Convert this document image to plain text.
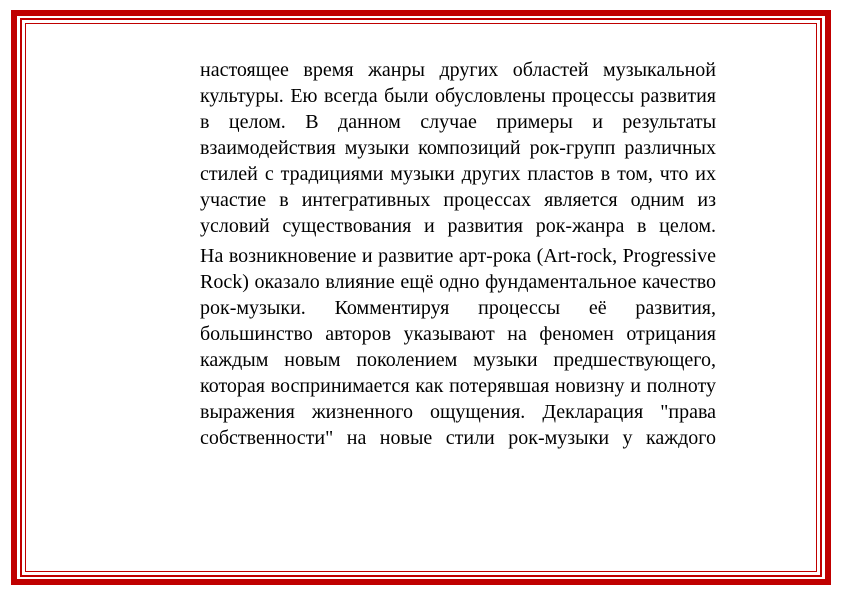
настоящее время жанры других областей музыкальной культуры. Ею всегда были обусловлены процессы развития в целом. В данном случае примеры и результаты взаимодействия музыки композиций рок-групп различных стилей с традициями музыки других пластов в том, что их участие в интегративных процессах является одним из условий существования и развития рок-жанра в целом.

На возникновение и развитие арт-рока (Art-rock, Progressive Rock) оказало влияние ещё одно фундаментальное качество рок-музыки. Комментируя процессы её развития, большинство авторов указывают на феномен отрицания каждым новым поколением музыки предшествующего, которая воспринимается как потерявшая новизну и полноту выражения жизненного ощущения. Декларация "права собственности" на новые стили рок-музыки у каждого
